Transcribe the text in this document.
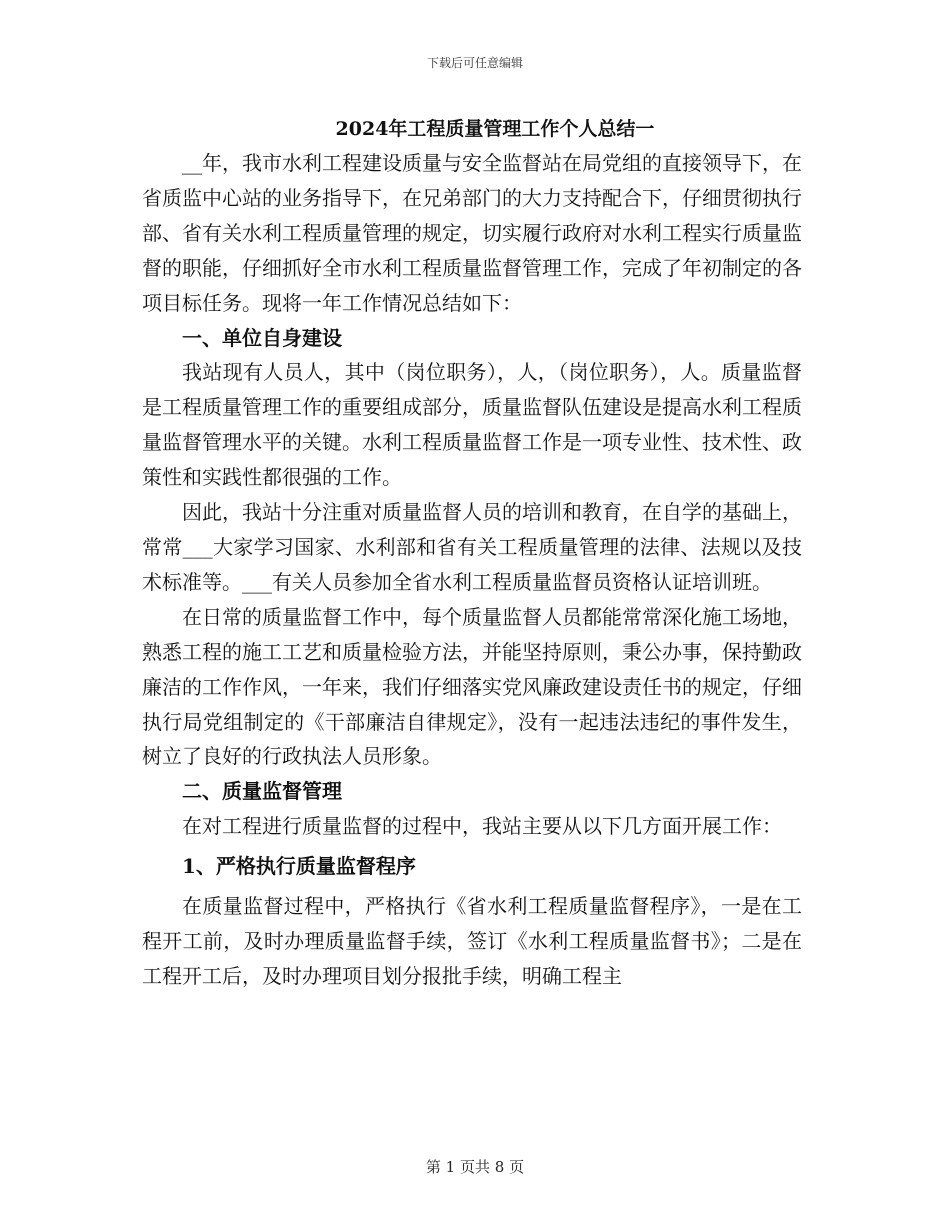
下载后可任意编辑
2024年工程质量管理工作个人总结一

__年，我市水利工程建设质量与安全监督站在局党组的直接领导下，在省质监中心站的业务指导下，在兄弟部门的大力支持配合下，仔细贯彻执行部、省有关水利工程质量管理的规定，切实履行政府对水利工程实行质量监督的职能，仔细抓好全市水利工程质量监督管理工作，完成了年初制定的各项目标任务。现将一年工作情况总结如下：

一、单位自身建设

我站现有人员人，其中（岗位职务），人，（岗位职务），人。质量监督是工程质量管理工作的重要组成部分，质量监督队伍建设是提高水利工程质量监督管理水平的关键。水利工程质量监督工作是一项专业性、技术性、政策性和实践性都很强的工作。

因此，我站十分注重对质量监督人员的培训和教育，在自学的基础上，常常___大家学习国家、水利部和省有关工程质量管理的法律、法规以及技术标准等。___有关人员参加全省水利工程质量监督员资格认证培训班。

在日常的质量监督工作中，每个质量监督人员都能常常深化施工场地，熟悉工程的施工工艺和质量检验方法，并能坚持原则，秉公办事，保持勤政廉洁的工作作风，一年来，我们仔细落实党风廉政建设责任书的规定，仔细执行局党组制定的《干部廉洁自律规定》，没有一起违法违纪的事件发生，树立了良好的行政执法人员形象。

二、质量监督管理

在对工程进行质量监督的过程中，我站主要从以下几方面开展工作：

1、严格执行质量监督程序

在质量监督过程中，严格执行《省水利工程质量监督程序》，一是在工程开工前，及时办理质量监督手续，签订《水利工程质量监督书》；二是在工程开工后，及时办理项目划分报批手续，明确工程主

第 1 页共 8 页
